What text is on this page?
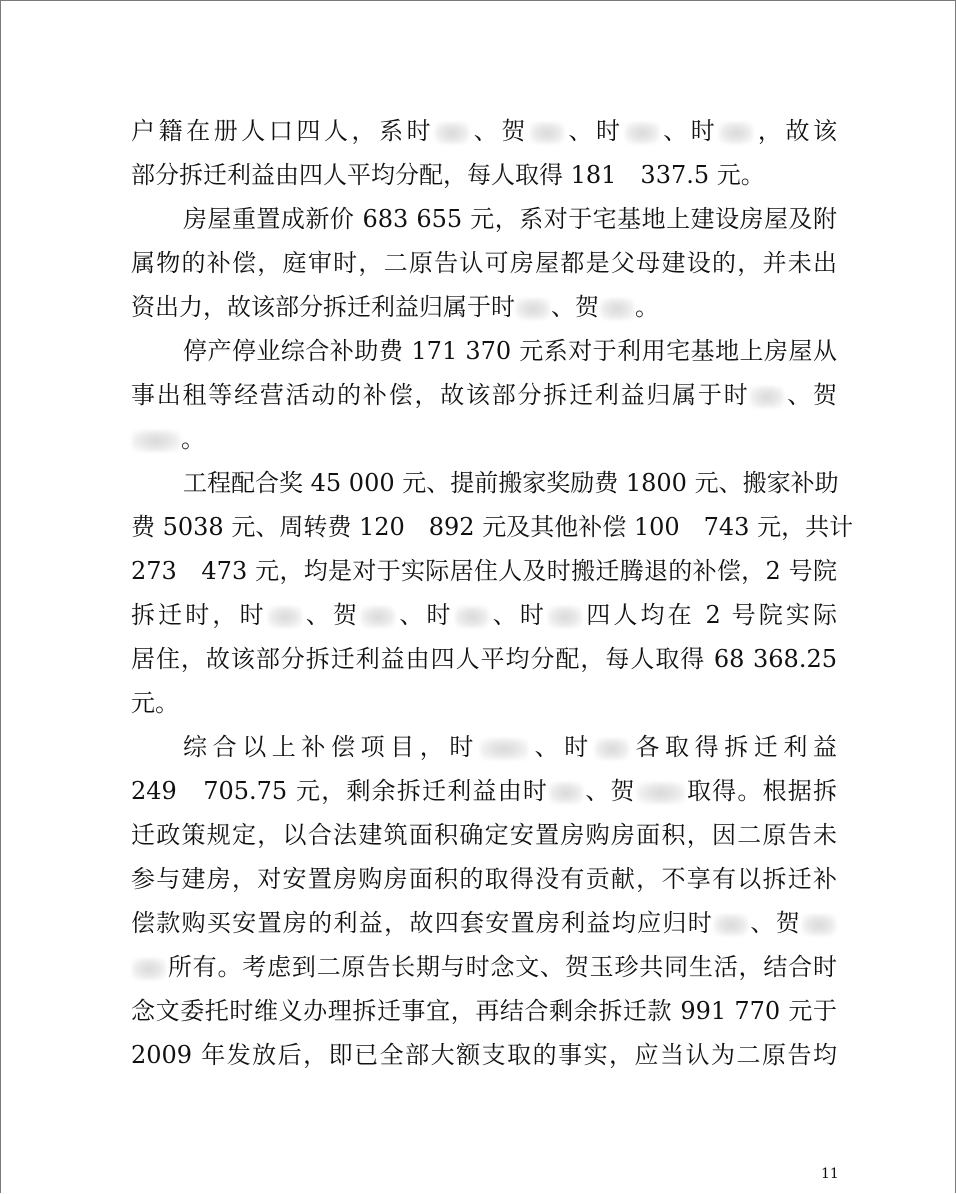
户籍在册人口四人，系时 、贺 、时 、时 ，故该
部分拆迁利益由四人平均分配，每人取得 181　337.5 元。
房屋重置成新价 683 655 元，系对于宅基地上建设房屋及附
属物的补偿，庭审时，二原告认可房屋都是父母建设的，并未出
资出力，故该部分拆迁利益归属于时 、贺 。
停产停业综合补助费 171 370 元系对于利用宅基地上房屋从
事出租等经营活动的补偿，故该部分拆迁利益归属于时 、贺
。
工程配合奖 45 000 元、提前搬家奖励费 1800 元、搬家补助
费 5038 元、周转费 120　892 元及其他补偿 100　743 元，共计
273　473 元，均是对于实际居住人及时搬迁腾退的补偿，2 号院
拆迁时，时 、贺 、时 、时 四人均在 2 号院实际
居住，故该部分拆迁利益由四人平均分配，每人取得 68 368.25
元。
综合以上补偿项目，时 、时 各取得拆迁利益
249　705.75 元，剩余拆迁利益由时 、贺 取得。根据拆
迁政策规定，以合法建筑面积确定安置房购房面积，因二原告未
参与建房，对安置房购房面积的取得没有贡献，不享有以拆迁补
偿款购买安置房的利益，故四套安置房利益均应归时 、贺
所有。考虑到二原告长期与时念文、贺玉珍共同生活，结合时
念文委托时维义办理拆迁事宜，再结合剩余拆迁款 991 770 元于
2009 年发放后，即已全部大额支取的事实，应当认为二原告均
11
